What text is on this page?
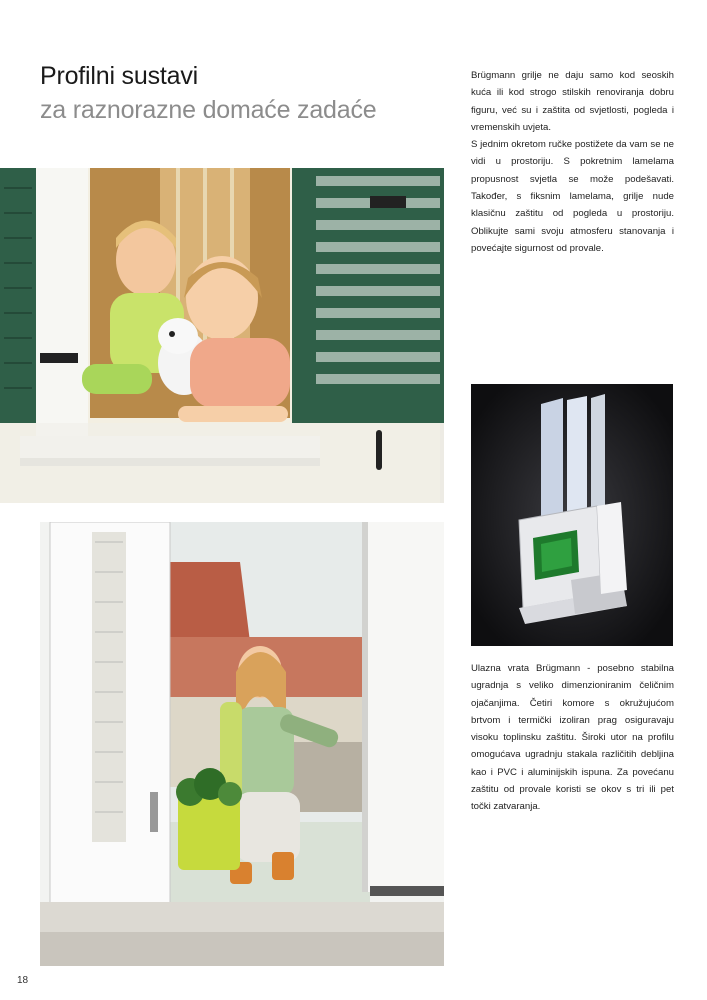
Profilni sustavi
za raznorazne domaće zadaće

Brügmann grilje ne daju samo kod seoskih kuća ili kod strogo stilskih renoviranja dobru figuru, već su i zaštita od svjetlosti, pogleda i vremenskih uvjeta.

S jednim okretom ručke postižete da vam se ne vidi u prostoriju. S pokretnim lamelama propusnost svjetla se može podešavati. Također, s fiksnim lamelama, grilje nude klasičnu zaštitu od pogleda u prostoriju. Oblikujte sami svoju atmosferu stanovanja i povećajte sigurnost od provale.

Ulazna vrata Brügmann - posebno stabilna ugradnja s veliko dimenzioniranim čeličnim ojačanjima. Četiri komore s okružujućom brtvom i termički izoliran prag osiguravaju visoku toplinsku zaštitu. Široki utor na profilu omogućava ugradnju stakala različitih debljina kao i PVC i aluminijskih ispuna. Za povećanu zaštitu od provale koristi se okov s tri ili pet točki zatvaranja.

18
